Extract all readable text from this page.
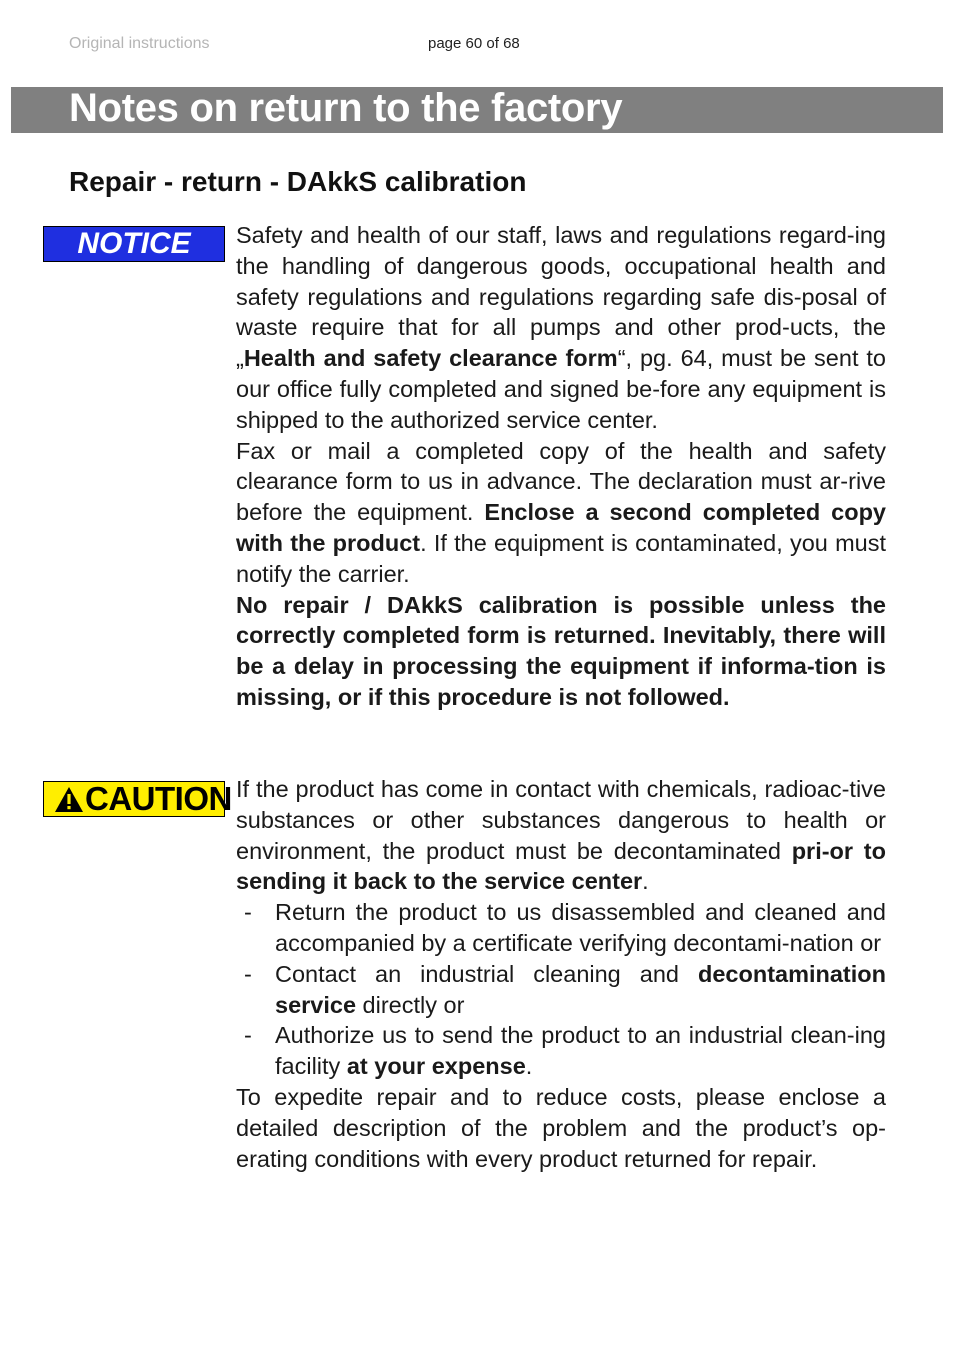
Original instructions	page 60 of 68
Notes on return to the factory
Repair - return - DAkkS calibration
NOTICE	Safety and health of our staff, laws and regulations regard-ing the handling of dangerous goods, occupational health and safety regulations and regulations regarding safe dis-posal of waste require that for all pumps and other prod-ucts, the „Health and safety clearance form“, pg. 64, must be sent to our office fully completed and signed be-fore any equipment is shipped to the authorized service center.

Fax or mail a completed copy of the health and safety clearance form to us in advance. The declaration must ar-rive before the equipment. Enclose a second completed copy with the product. If the equipment is contaminated, you must notify the carrier.

No repair / DAkkS calibration is possible unless the correctly completed form is returned. Inevitably, there will be a delay in processing the equipment if informa-tion is missing, or if this procedure is not followed.

CAUTION If the product has come in contact with chemicals, radioac-tive substances or other substances dangerous to health or environment, the product must be decontaminated pri-or to sending it back to the service center.

- Return the product to us disassembled and cleaned and accompanied by a certificate verifying decontami-nation or
- Contact an industrial cleaning and decontamination service directly or
- Authorize us to send the product to an industrial clean-ing facility at your expense.

To expedite repair and to reduce costs, please enclose a detailed description of the problem and the product’s op-erating conditions with every product returned for repair.
